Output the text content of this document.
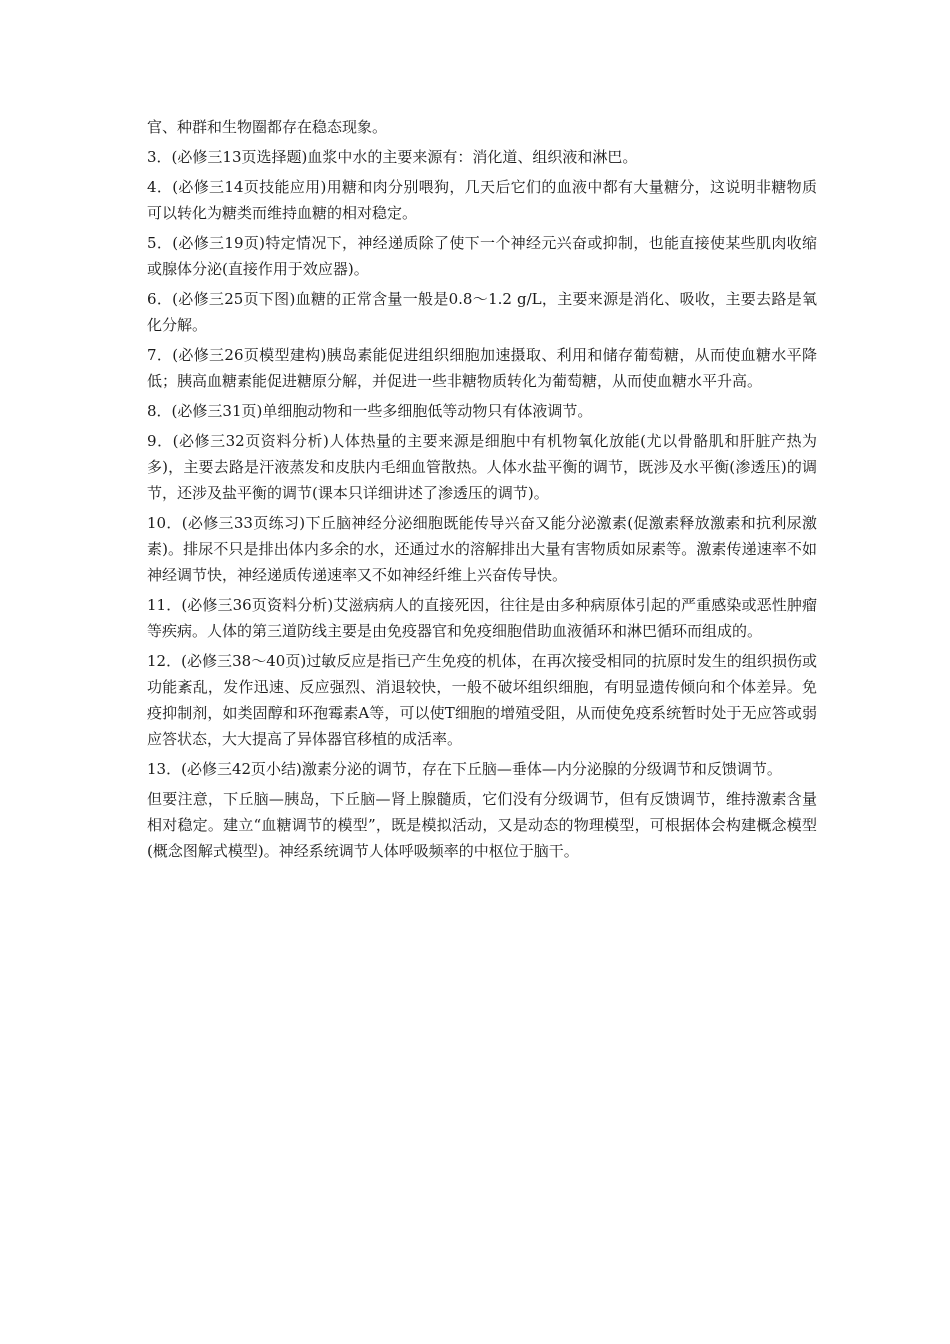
官、种群和生物圈都存在稳态现象。

3．(必修三13页选择题)血浆中水的主要来源有：消化道、组织液和淋巴。

4．(必修三14页技能应用)用糖和肉分别喂狗，几天后它们的血液中都有大量糖分，这说明非糖物质可以转化为糖类而维持血糖的相对稳定。

5．(必修三19页)特定情况下，神经递质除了使下一个神经元兴奋或抑制，也能直接使某些肌肉收缩或腺体分泌(直接作用于效应器)。

6．(必修三25页下图)血糖的正常含量一般是0.8～1.2 g/L，主要来源是消化、吸收，主要去路是氧化分解。

7．(必修三26页模型建构)胰岛素能促进组织细胞加速摄取、利用和储存葡萄糖，从而使血糖水平降低；胰高血糖素能促进糖原分解，并促进一些非糖物质转化为葡萄糖，从而使血糖水平升高。

8．(必修三31页)单细胞动物和一些多细胞低等动物只有体液调节。

9．(必修三32页资料分析)人体热量的主要来源是细胞中有机物氧化放能(尤以骨骼肌和肝脏产热为多)，主要去路是汗液蒸发和皮肤内毛细血管散热。人体水盐平衡的调节，既涉及水平衡(渗透压)的调节，还涉及盐平衡的调节(课本只详细讲述了渗透压的调节)。

10．(必修三33页练习)下丘脑神经分泌细胞既能传导兴奋又能分泌激素(促激素释放激素和抗利尿激素)。排尿不只是排出体内多余的水，还通过水的溶解排出大量有害物质如尿素等。激素传递速率不如神经调节快，神经递质传递速率又不如神经纤维上兴奋传导快。

11．(必修三36页资料分析)艾滋病病人的直接死因，往往是由多种病原体引起的严重感染或恶性肿瘤等疾病。人体的第三道防线主要是由免疫器官和免疫细胞借助血液循环和淋巴循环而组成的。

12．(必修三38～40页)过敏反应是指已产生免疫的机体，在再次接受相同的抗原时发生的组织损伤或功能紊乱，发作迅速、反应强烈、消退较快，一般不破坏组织细胞，有明显遗传倾向和个体差异。免疫抑制剂，如类固醇和环孢霉素A等，可以使T细胞的增殖受阻，从而使免疫系统暂时处于无应答或弱应答状态，大大提高了异体器官移植的成活率。

13．(必修三42页小结)激素分泌的调节，存在下丘脑—垂体—内分泌腺的分级调节和反馈调节。

但要注意，下丘脑—胰岛，下丘脑—肾上腺髓质，它们没有分级调节，但有反馈调节，维持激素含量相对稳定。建立“血糖调节的模型”，既是模拟活动，又是动态的物理模型，可根据体会构建概念模型(概念图解式模型)。神经系统调节人体呼吸频率的中枢位于脑干。
